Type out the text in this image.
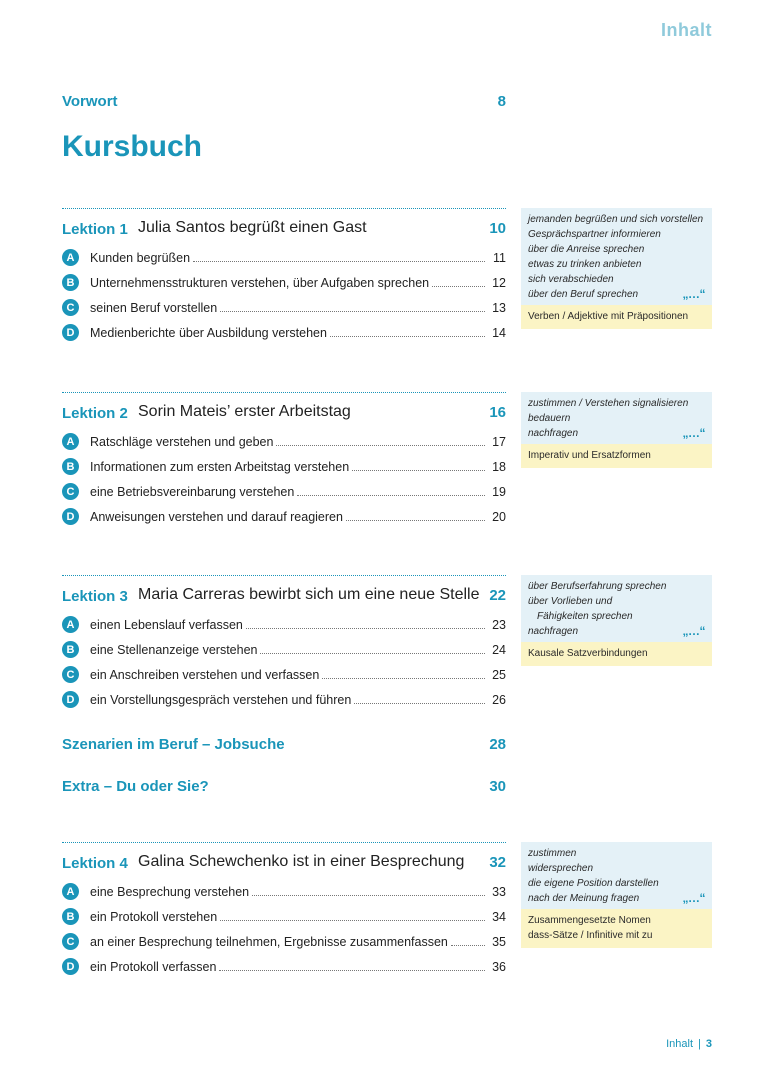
Inhalt
Vorwort	8
Kursbuch
Lektion 1 Julia Santos begrüßt einen Gast	10
A	Kunden begrüßen	11
B	Unternehmensstrukturen verstehen, über Aufgaben sprechen	12
C	seinen Beruf vorstellen	13
D	Medienberichte über Ausbildung verstehen	14
jemanden begrüßen und sich vorstellen
Gesprächspartner informieren
über die Anreise sprechen
etwas zu trinken anbieten
sich verabschieden
über den Beruf sprechen	„…“
Verben / Adjektive mit Präpositionen
Lektion 2 Sorin Mateis’ erster Arbeitstag	16
A	Ratschläge verstehen und geben	17
B	Informationen zum ersten Arbeitstag verstehen	18
C	eine Betriebsvereinbarung verstehen	19
D	Anweisungen verstehen und darauf reagieren	20
zustimmen / Verstehen signalisieren
bedauern
nachfragen	„…“
Imperativ und Ersatzformen
Lektion 3 Maria Carreras bewirbt sich um eine neue Stelle 22
A	einen Lebenslauf verfassen	23
B	eine Stellenanzeige verstehen	24
C	ein Anschreiben verstehen und verfassen	25
D	ein Vorstellungsgespräch verstehen und führen	26
über Berufserfahrung sprechen
über Vorlieben und
Fähigkeiten sprechen
nachfragen	„…“
Kausale Satzverbindungen
Szenarien im Beruf – Jobsuche	28
Extra – Du oder Sie?	30
Lektion 4 Galina Schewchenko ist in einer Besprechung 32
A	eine Besprechung verstehen	33
B	ein Protokoll verstehen	34
C	an einer Besprechung teilnehmen, Ergebnisse zusammenfassen	35
D	ein Protokoll verfassen	36
zustimmen
widersprechen
die eigene Position darstellen
nach der Meinung fragen	„…“
Zusammengesetzte Nomen
dass-Sätze / Infinitive mit zu
Inhalt | 3
